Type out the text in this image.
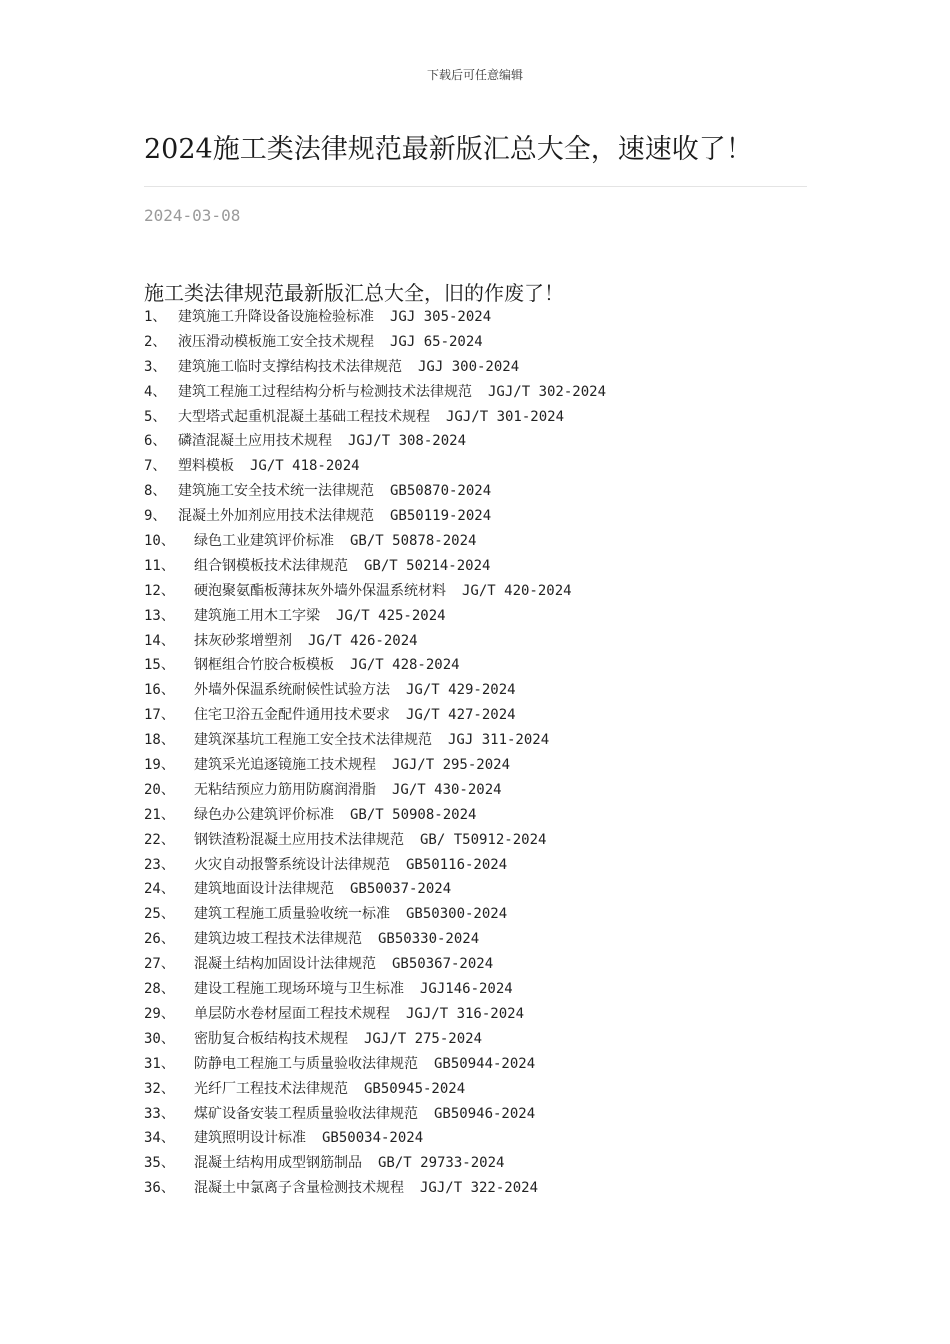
下载后可任意编辑
2024施工类法律规范最新版汇总大全，速速收了！
2024-03-08
施工类法律规范最新版汇总大全，旧的作废了！
1、 建筑施工升降设备设施检验标准 JGJ 305-2024
2、 液压滑动模板施工安全技术规程 JGJ 65-2024
3、 建筑施工临时支撑结构技术法律规范 JGJ 300-2024
4、 建筑工程施工过程结构分析与检测技术法律规范 JGJ/T 302-2024
5、 大型塔式起重机混凝土基础工程技术规程 JGJ/T 301-2024
6、 磷渣混凝土应用技术规程 JGJ/T 308-2024
7、 塑料模板 JG/T 418-2024
8、 建筑施工安全技术统一法律规范 GB50870-2024
9、 混凝土外加剂应用技术法律规范 GB50119-2024
10、 绿色工业建筑评价标准 GB/T 50878-2024
11、 组合钢模板技术法律规范 GB/T 50214-2024
12、 硬泡聚氨酯板薄抹灰外墙外保温系统材料 JG/T 420-2024
13、 建筑施工用木工字梁 JG/T 425-2024
14、 抹灰砂浆增塑剂 JG/T 426-2024
15、 钢框组合竹胶合板模板 JG/T 428-2024
16、 外墙外保温系统耐候性试验方法 JG/T 429-2024
17、 住宅卫浴五金配件通用技术要求 JG/T 427-2024
18、 建筑深基坑工程施工安全技术法律规范 JGJ 311-2024
19、 建筑采光追逐镜施工技术规程 JGJ/T 295-2024
20、 无粘结预应力筋用防腐润滑脂 JG/T 430-2024
21、 绿色办公建筑评价标准 GB/T 50908-2024
22、 钢铁渣粉混凝土应用技术法律规范 GB/ T50912-2024
23、 火灾自动报警系统设计法律规范 GB50116-2024
24、 建筑地面设计法律规范 GB50037-2024
25、 建筑工程施工质量验收统一标准 GB50300-2024
26、 建筑边坡工程技术法律规范 GB50330-2024
27、 混凝土结构加固设计法律规范 GB50367-2024
28、 建设工程施工现场环境与卫生标准 JGJ146-2024
29、 单层防水卷材屋面工程技术规程 JGJ/T 316-2024
30、 密肋复合板结构技术规程 JGJ/T 275-2024
31、 防静电工程施工与质量验收法律规范 GB50944-2024
32、 光纤厂工程技术法律规范 GB50945-2024
33、 煤矿设备安装工程质量验收法律规范 GB50946-2024
34、 建筑照明设计标准 GB50034-2024
35、 混凝土结构用成型钢筋制品 GB/T 29733-2024
36、 混凝土中氯离子含量检测技术规程 JGJ/T 322-2024
